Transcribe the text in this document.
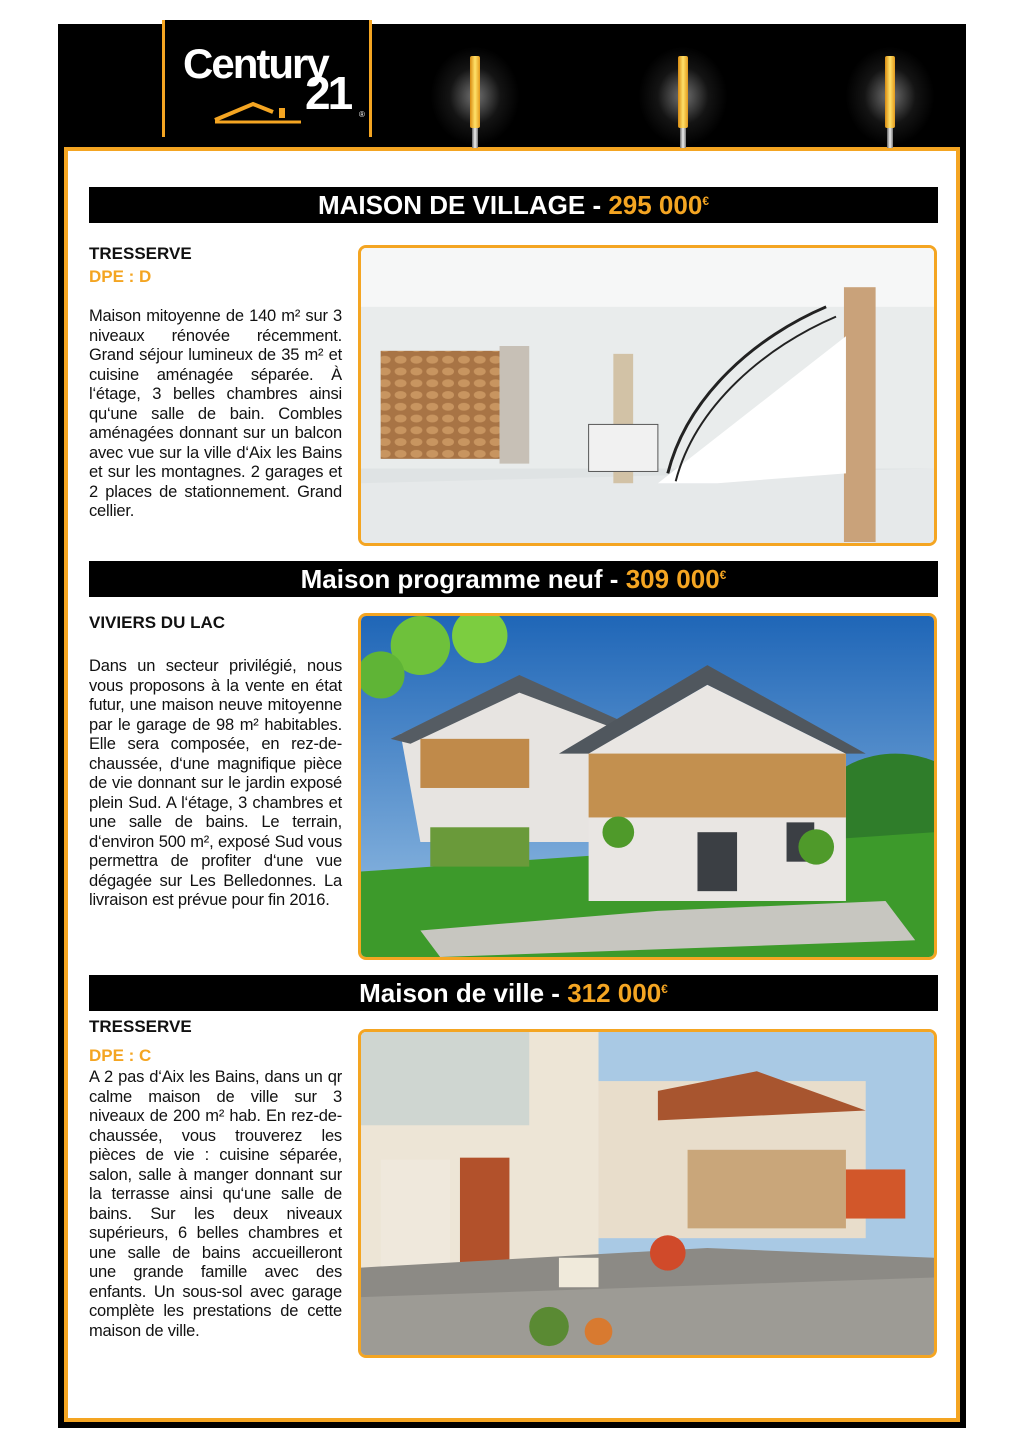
Century
21 ®
MAISON DE VILLAGE - 295 000€
TRESSERVE
DPE : D
Maison mitoyenne de 140 m² sur 3 niveaux rénovée récemment. Grand séjour lumineux de 35 m² et cuisine aménagée séparée. À l‘étage, 3 belles chambres ainsi qu‘une salle de bain. Combles aménagées donnant sur un balcon avec vue sur la ville d‘Aix les Bains et sur les montagnes. 2 garages et 2 places de stationnement. Grand cellier.
Maison programme neuf - 309 000€
VIVIERS DU LAC
Dans un secteur privilégié, nous vous proposons à la vente en état futur, une maison neuve mitoyenne par le garage de 98 m² habitables. Elle sera composée, en rez-de-chaussée, d‘une magnifique pièce de vie donnant sur le jardin exposé plein Sud. A l‘étage, 3 chambres et une salle de bains. Le terrain, d‘environ 500 m², exposé Sud vous permettra de profiter d‘une vue dégagée sur Les Belledonnes. La livraison est prévue pour fin 2016.
Maison de ville - 312 000€
TRESSERVE
DPE : C
A 2 pas d‘Aix les Bains, dans un qr calme maison de ville sur 3 niveaux de 200 m² hab. En rez-de-chaussée, vous trouverez les pièces de vie : cuisine séparée, salon, salle à manger donnant sur la terrasse ainsi qu‘une salle de bains. Sur les deux niveaux supérieurs, 6 belles chambres et une salle de bains accueilleront une grande famille avec des enfants. Un sous-sol avec garage complète les prestations de cette maison de ville.
Qui s’y connaît aussi bien ?
Chaque Agence est Juridiquement et Financièrement Indépendante
13
